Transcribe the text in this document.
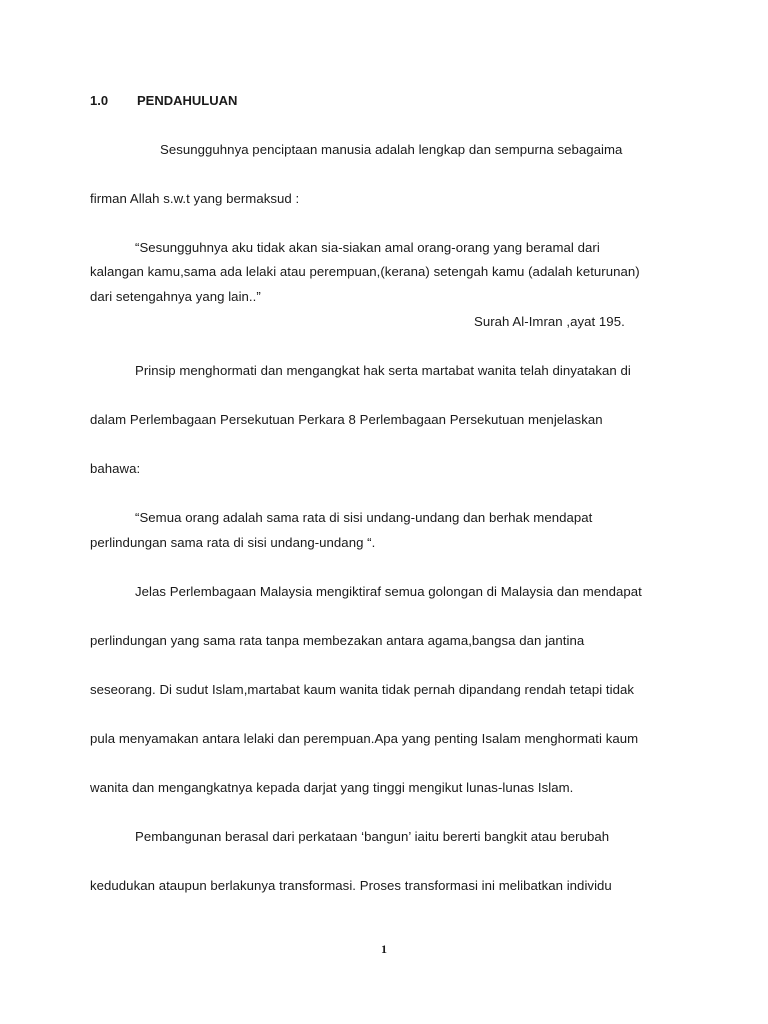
1.0 PENDAHULUAN
Sesungguhnya penciptaan manusia adalah lengkap dan sempurna sebagaima
firman Allah s.w.t yang bermaksud :
“Sesungguhnya aku tidak akan sia-siakan amal orang-orang yang beramal dari
kalangan kamu,sama ada lelaki atau perempuan,(kerana) setengah kamu (adalah keturunan)
dari setengahnya yang lain..”
Surah Al-Imran ,ayat 195.
Prinsip menghormati dan mengangkat hak serta martabat wanita telah dinyatakan di
dalam Perlembagaan Persekutuan Perkara 8 Perlembagaan Persekutuan menjelaskan
bahawa:
“Semua orang adalah sama rata di sisi undang-undang dan berhak mendapat
perlindungan sama rata di sisi undang-undang “.
Jelas Perlembagaan Malaysia mengiktiraf semua golongan di Malaysia dan mendapat
perlindungan yang sama rata tanpa membezakan antara agama,bangsa dan jantina
seseorang. Di sudut Islam,martabat kaum wanita tidak pernah dipandang rendah tetapi tidak
pula menyamakan antara lelaki dan perempuan.Apa yang penting Isalam menghormati kaum
wanita dan mengangkatnya kepada darjat yang tinggi mengikut lunas-lunas Islam.
Pembangunan berasal dari perkataan ‘bangun’ iaitu bererti bangkit atau berubah
kedudukan ataupun berlakunya transformasi. Proses transformasi ini melibatkan individu
1
